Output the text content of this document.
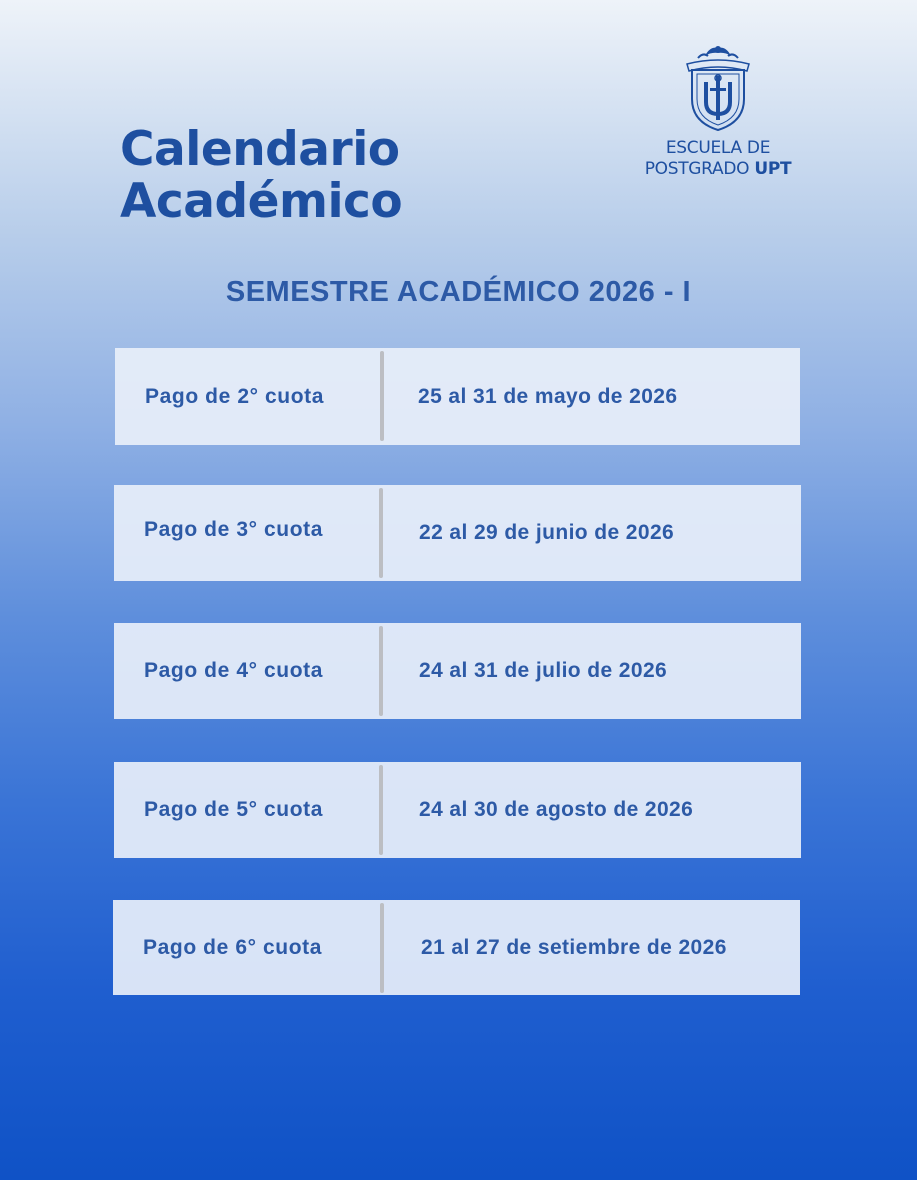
Calendario
Académico
ESCUELA DE
POSTGRADO UPT
SEMESTRE ACADÉMICO 2026 - I
Pago de 2° cuota	25 al 31 de mayo de 2026
Pago de 3° cuota	22 al 29 de junio de 2026
Pago de 4° cuota	24 al 31 de julio de 2026
Pago de 5° cuota	24 al 30 de agosto de 2026
Pago de 6° cuota	21 al 27 de setiembre de 2026
